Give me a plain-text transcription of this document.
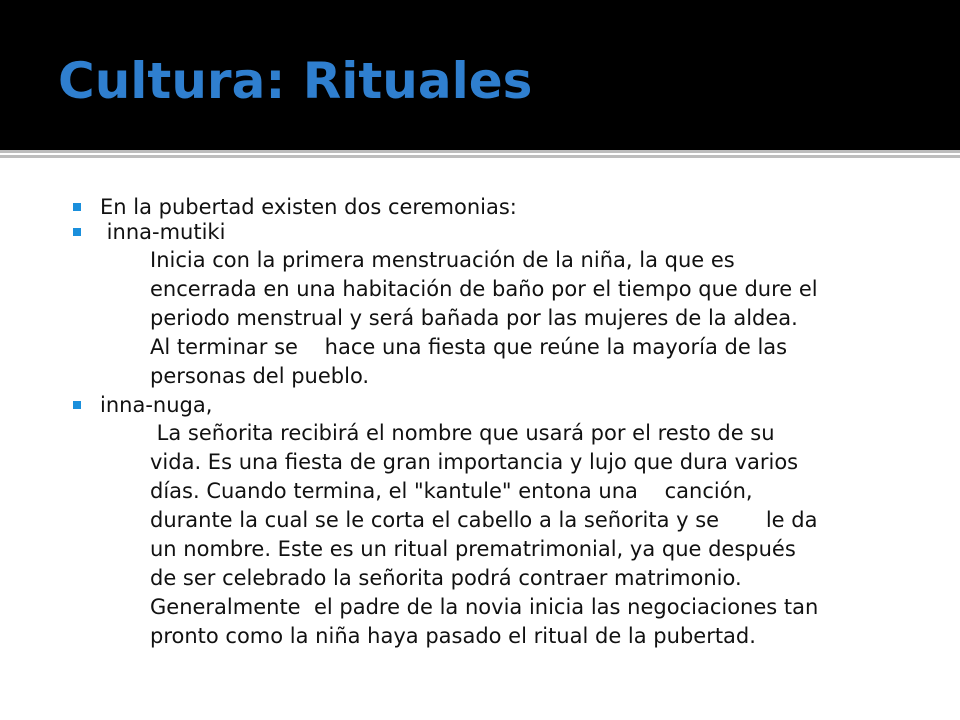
Cultura: Rituales
En la pubertad existen dos ceremonias:
inna-mutiki
Inicia con la primera menstruación de la niña, la que es
encerrada en una habitación de baño por el tiempo que dure el
periodo menstrual y será bañada por las mujeres de la aldea.
Al terminar se    hace una fiesta que reúne la mayoría de las
personas del pueblo.
inna-nuga,
La señorita recibirá el nombre que usará por el resto de su
vida. Es una fiesta de gran importancia y lujo que dura varios
días. Cuando termina, el "kantule" entona una    canción,
durante la cual se le corta el cabello a la señorita y se       le da
un nombre. Este es un ritual prematrimonial, ya que después
de ser celebrado la señorita podrá contraer matrimonio.
Generalmente  el padre de la novia inicia las negociaciones tan
pronto como la niña haya pasado el ritual de la pubertad.
